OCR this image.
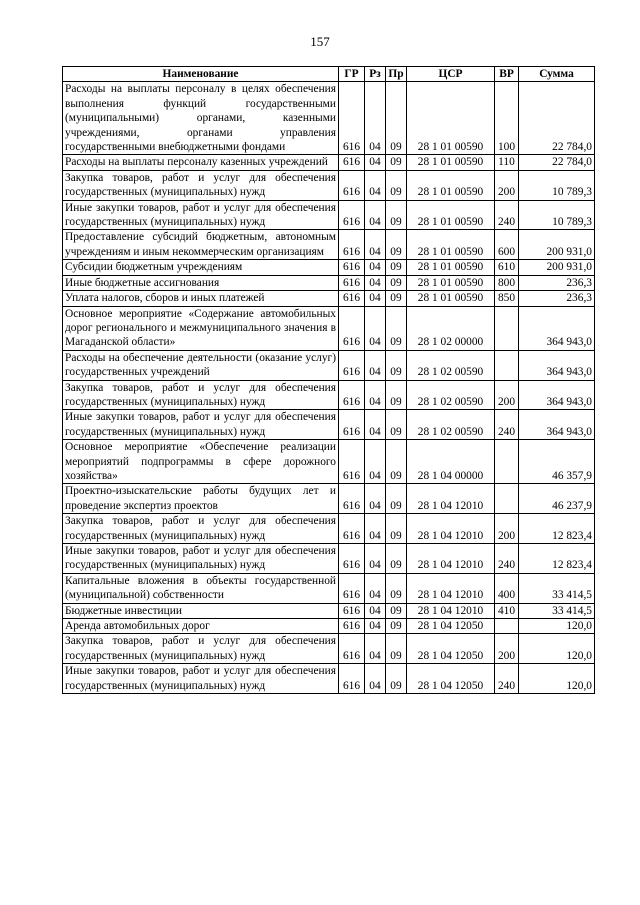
157
Наименование	ГР	Рз	Пр	ЦСР	ВР	Сумма
Расходы на выплаты персоналу в целях обеспечения выполнения функций государственными (муниципальными) органами, казенными учреждениями, органами управления государственными внебюджетными фондами	616	04	09	28 1 01 00590	100	22 784,0
Расходы на выплаты персоналу казенных учреждений	616	04	09	28 1 01 00590	110	22 784,0
Закупка товаров, работ и услуг для обеспечения государственных (муниципальных) нужд	616	04	09	28 1 01 00590	200	10 789,3
Иные закупки товаров, работ и услуг для обеспечения государственных (муниципальных) нужд	616	04	09	28 1 01 00590	240	10 789,3
Предоставление субсидий бюджетным, автономным учреждениям и иным некоммерческим организациям	616	04	09	28 1 01 00590	600	200 931,0
Субсидии бюджетным учреждениям	616	04	09	28 1 01 00590	610	200 931,0
Иные бюджетные ассигнования	616	04	09	28 1 01 00590	800	236,3
Уплата налогов, сборов и иных платежей	616	04	09	28 1 01 00590	850	236,3
Основное мероприятие «Содержание автомобильных дорог регионального и межмуниципального значения в Магаданской области»	616	04	09	28 1 02 00000		364 943,0
Расходы на обеспечение деятельности (оказание услуг) государственных учреждений	616	04	09	28 1 02 00590		364 943,0
Закупка товаров, работ и услуг для обеспечения государственных (муниципальных) нужд	616	04	09	28 1 02 00590	200	364 943,0
Иные закупки товаров, работ и услуг для обеспечения государственных (муниципальных) нужд	616	04	09	28 1 02 00590	240	364 943,0
Основное мероприятие «Обеспечение реализации мероприятий подпрограммы в сфере дорожного хозяйства»	616	04	09	28 1 04 00000		46 357,9
Проектно-изыскательские работы будущих лет и проведение экспертиз проектов	616	04	09	28 1 04 12010		46 237,9
Закупка товаров, работ и услуг для обеспечения государственных (муниципальных) нужд	616	04	09	28 1 04 12010	200	12 823,4
Иные закупки товаров, работ и услуг для обеспечения государственных (муниципальных) нужд	616	04	09	28 1 04 12010	240	12 823,4
Капитальные вложения в объекты государственной (муниципальной) собственности	616	04	09	28 1 04 12010	400	33 414,5
Бюджетные инвестиции	616	04	09	28 1 04 12010	410	33 414,5
Аренда автомобильных дорог	616	04	09	28 1 04 12050		120,0
Закупка товаров, работ и услуг для обеспечения государственных (муниципальных) нужд	616	04	09	28 1 04 12050	200	120,0
Иные закупки товаров, работ и услуг для обеспечения государственных (муниципальных) нужд	616	04	09	28 1 04 12050	240	120,0
